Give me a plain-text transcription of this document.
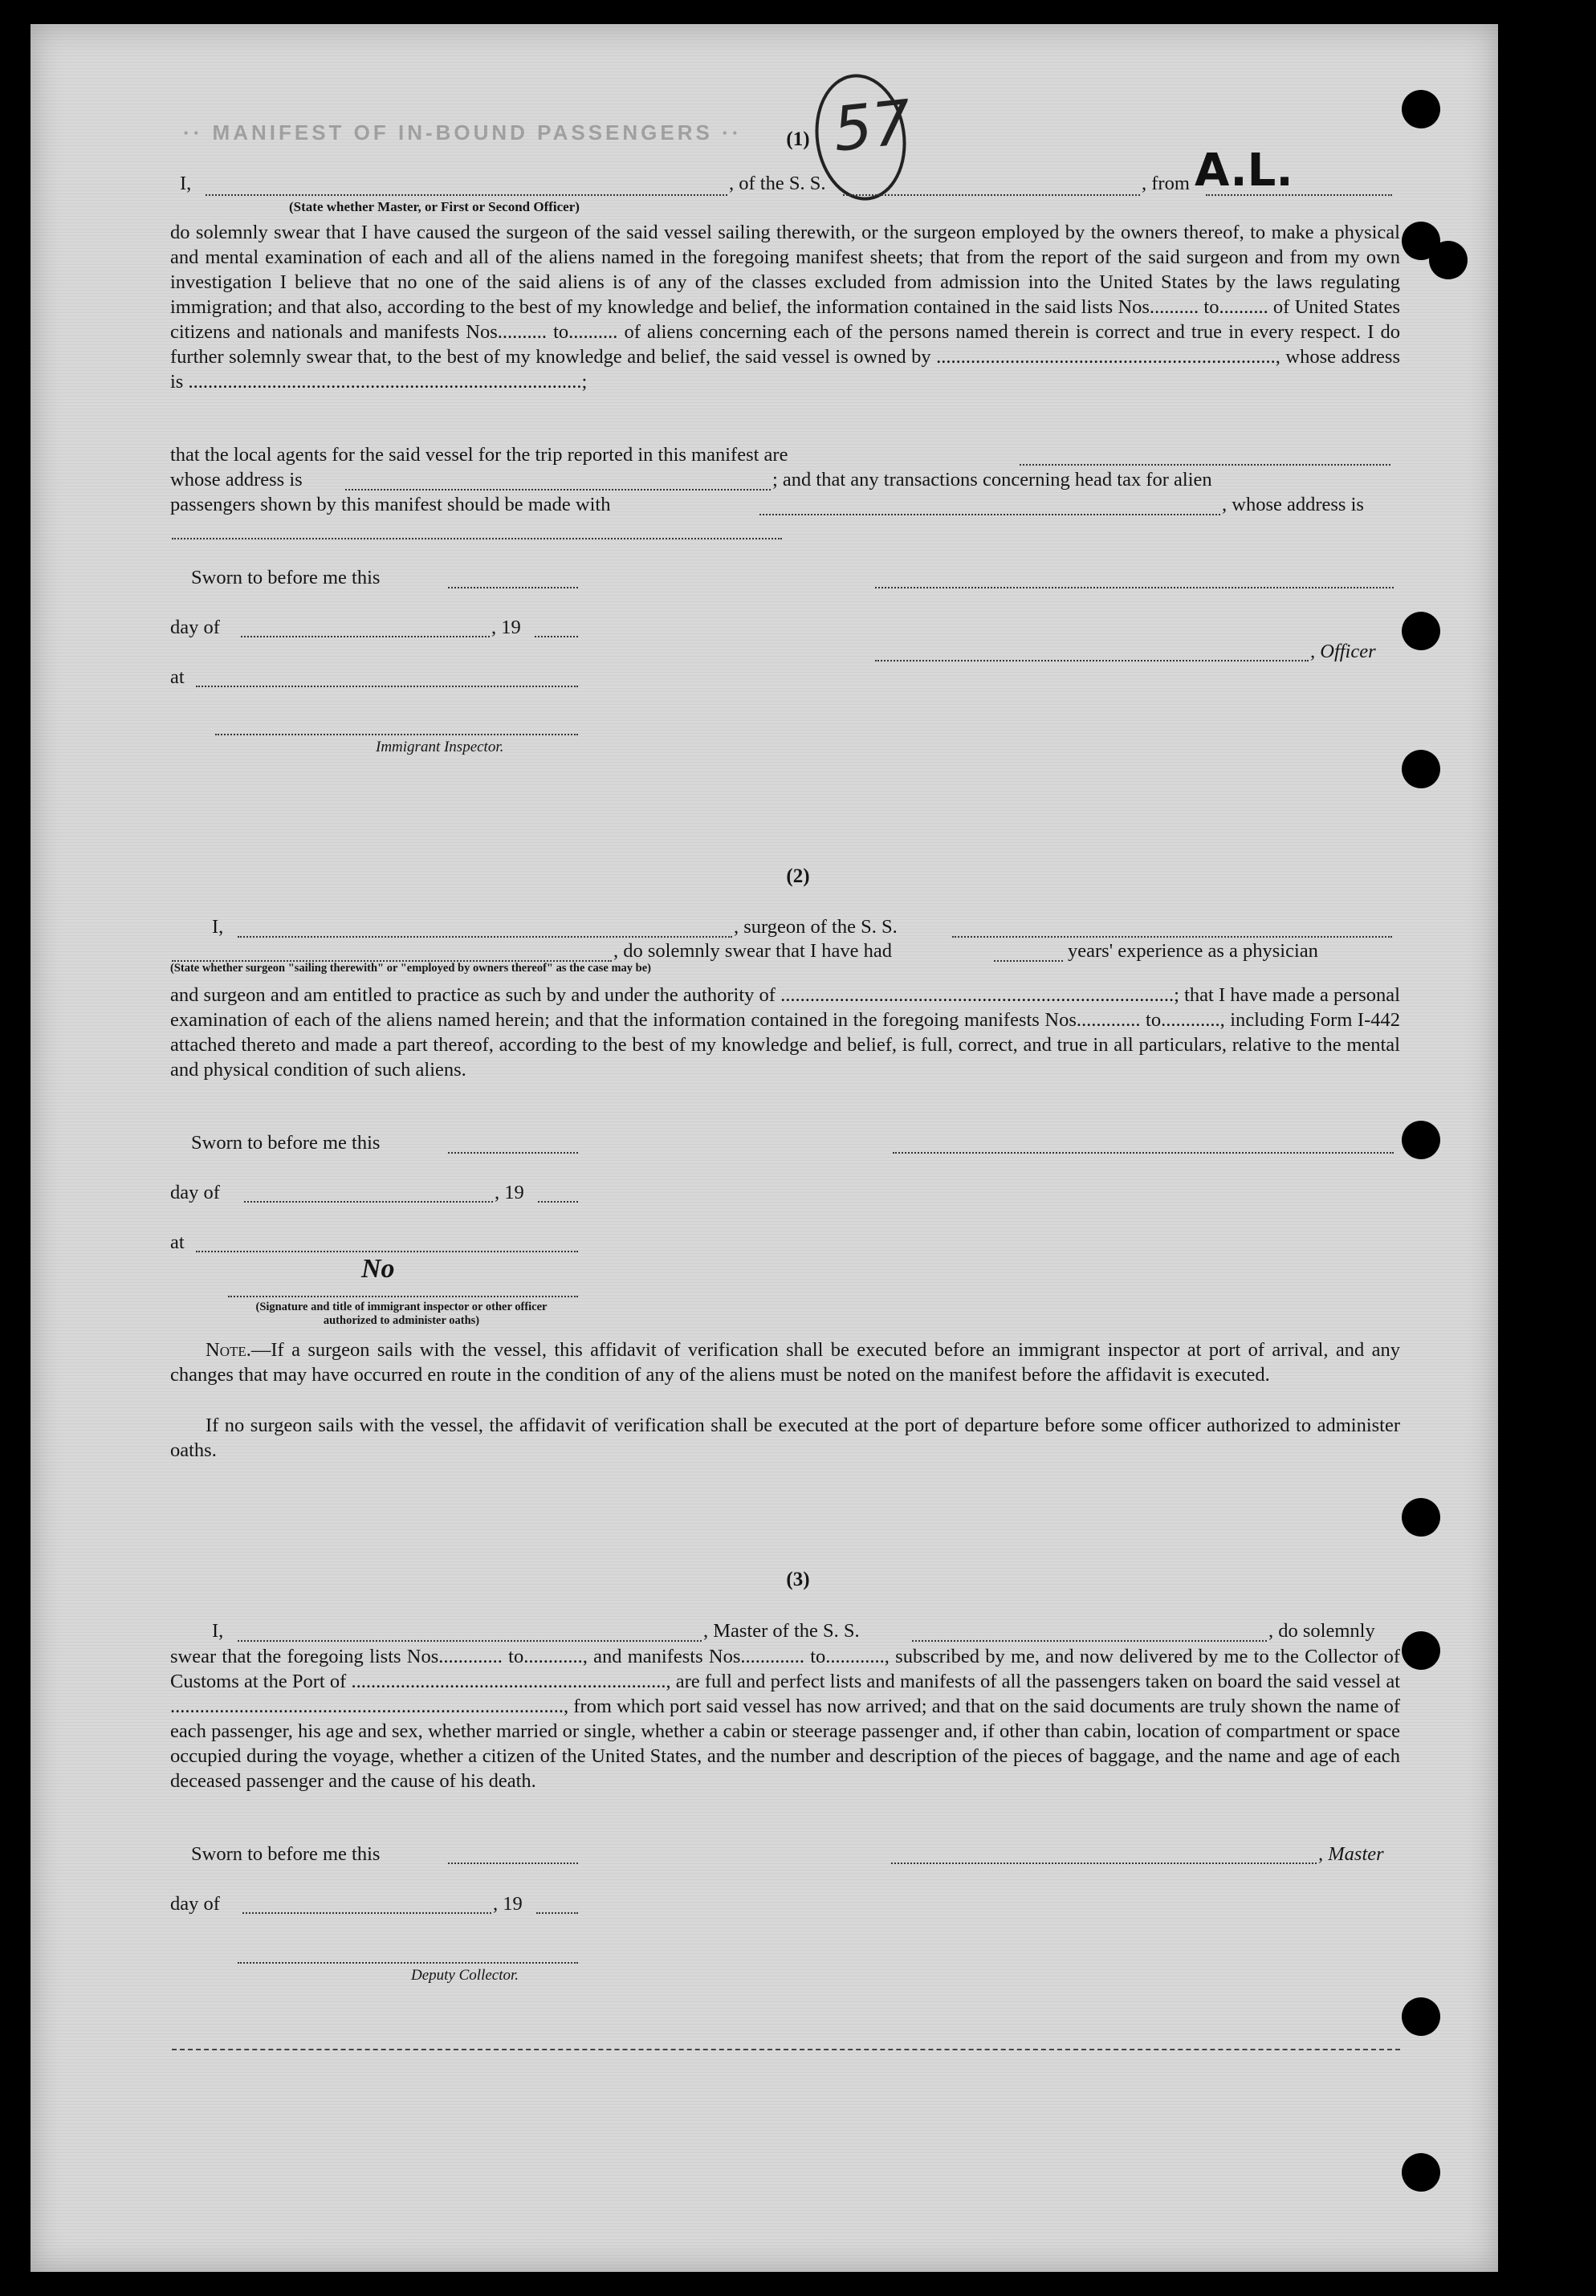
·· MANIFEST OF IN-BOUND PASSENGERS ·· 57
A.L.
(1)
I,	, of the S. S.	, from
(State whether Master, or First or Second Officer)

do solemnly swear that I have caused the surgeon of the said vessel sailing therewith, or the surgeon employed by the owners thereof, to make a physical and mental examination of each and all of the aliens named in the foregoing manifest sheets; that from the report of the said surgeon and from my own investigation I believe that no one of the said aliens is of any of the classes excluded from admission into the United States by the laws regulating immigration; and that also, according to the best of my knowledge and belief, the information contained in the said lists Nos.......... to.......... of United States citizens and nationals and manifests Nos.......... to.......... of aliens concerning each of the persons named therein is correct and true in every respect. I do further solemnly swear that, to the best of my knowledge and belief, the said vessel is owned by ....................................................................., whose address is ................................................................................;

that the local agents for the said vessel for the trip reported in this manifest are
whose address is	; and that any transactions concerning head tax for alien
passengers shown by this manifest should be made with	, whose address is
Sworn to before me this
day of	, 19
, Officer
at
Immigrant Inspector.
(2)
I,	, surgeon of the S. S.
, do solemnly swear that I have had	years' experience as a physician
(State whether surgeon "sailing therewith" or "employed by owners thereof" as the case may be)

and surgeon and am entitled to practice as such by and under the authority of ................................................................................; that I have made a personal examination of each of the aliens named herein; and that the information contained in the foregoing manifests Nos............. to............, including Form I-442 attached thereto and made a part thereof, according to the best of my knowledge and belief, is full, correct, and true in all particulars, relative to the mental and physical condition of such aliens.

Sworn to before me this
day of	, 19
at
No
(Signature and title of immigrant inspector or other officer authorized to administer oaths)

Note.—If a surgeon sails with the vessel, this affidavit of verification shall be executed before an immigrant inspector at port of arrival, and any changes that may have occurred en route in the condition of any of the aliens must be noted on the manifest before the affidavit is executed.

If no surgeon sails with the vessel, the affidavit of verification shall be executed at the port of departure before some officer authorized to administer oaths.

(3)
I,	, Master of the S. S.	, do solemnly

swear that the foregoing lists Nos............. to............, and manifests Nos............. to............, subscribed by me, and now delivered by me to the Collector of Customs at the Port of ................................................................, are full and perfect lists and manifests of all the passengers taken on board the said vessel at ................................................................................, from which port said vessel has now arrived; and that on the said documents are truly shown the name of each passenger, his age and sex, whether married or single, whether a cabin or steerage passenger and, if other than cabin, location of compartment or space occupied during the voyage, whether a citizen of the United States, and the number and description of the pieces of baggage, and the name and age of each deceased passenger and the cause of his death.

Sworn to before me this	, Master
day of	, 19
Deputy Collector.
